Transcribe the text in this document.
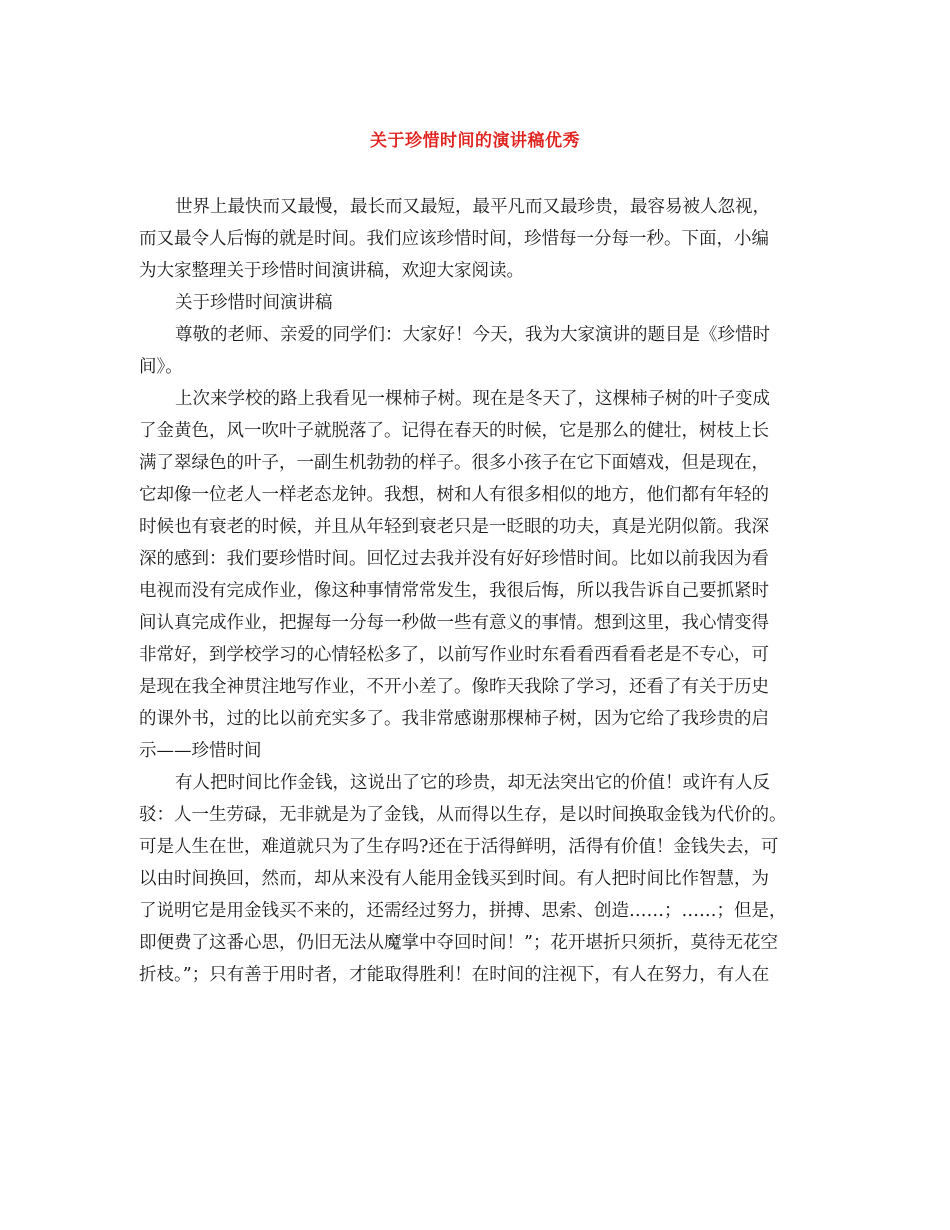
关于珍惜时间的演讲稿优秀
世界上最快而又最慢，最长而又最短，最平凡而又最珍贵，最容易被人忽视，
而又最令人后悔的就是时间。我们应该珍惜时间，珍惜每一分每一秒。下面，小编
为大家整理关于珍惜时间演讲稿，欢迎大家阅读。
关于珍惜时间演讲稿
尊敬的老师、亲爱的同学们：大家好！今天，我为大家演讲的题目是《珍惜时
间》。
上次来学校的路上我看见一棵柿子树。现在是冬天了，这棵柿子树的叶子变成
了金黄色，风一吹叶子就脱落了。记得在春天的时候，它是那么的健壮，树枝上长
满了翠绿色的叶子，一副生机勃勃的样子。很多小孩子在它下面嬉戏，但是现在，
它却像一位老人一样老态龙钟。我想，树和人有很多相似的地方，他们都有年轻的
时候也有衰老的时候，并且从年轻到衰老只是一眨眼的功夫，真是光阴似箭。我深
深的感到：我们要珍惜时间。回忆过去我并没有好好珍惜时间。比如以前我因为看
电视而没有完成作业，像这种事情常常发生，我很后悔，所以我告诉自己要抓紧时
间认真完成作业，把握每一分每一秒做一些有意义的事情。想到这里，我心情变得
非常好，到学校学习的心情轻松多了，以前写作业时东看看西看看老是不专心，可
是现在我全神贯注地写作业，不开小差了。像昨天我除了学习，还看了有关于历史
的课外书，过的比以前充实多了。我非常感谢那棵柿子树，因为它给了我珍贵的启
示——珍惜时间
有人把时间比作金钱，这说出了它的珍贵，却无法突出它的价值！或许有人反
驳：人一生劳碌，无非就是为了金钱，从而得以生存，是以时间换取金钱为代价的。
可是人生在世，难道就只为了生存吗?还在于活得鲜明，活得有价值！金钱失去，可
以由时间换回，然而，却从来没有人能用金钱买到时间。有人把时间比作智慧，为
了说明它是用金钱买不来的，还需经过努力，拼搏、思索、创造……；……；但是，
即便费了这番心思，仍旧无法从魔掌中夺回时间！”；花开堪折只须折，莫待无花空
折枝。”；只有善于用时者，才能取得胜利！在时间的注视下，有人在努力，有人在
